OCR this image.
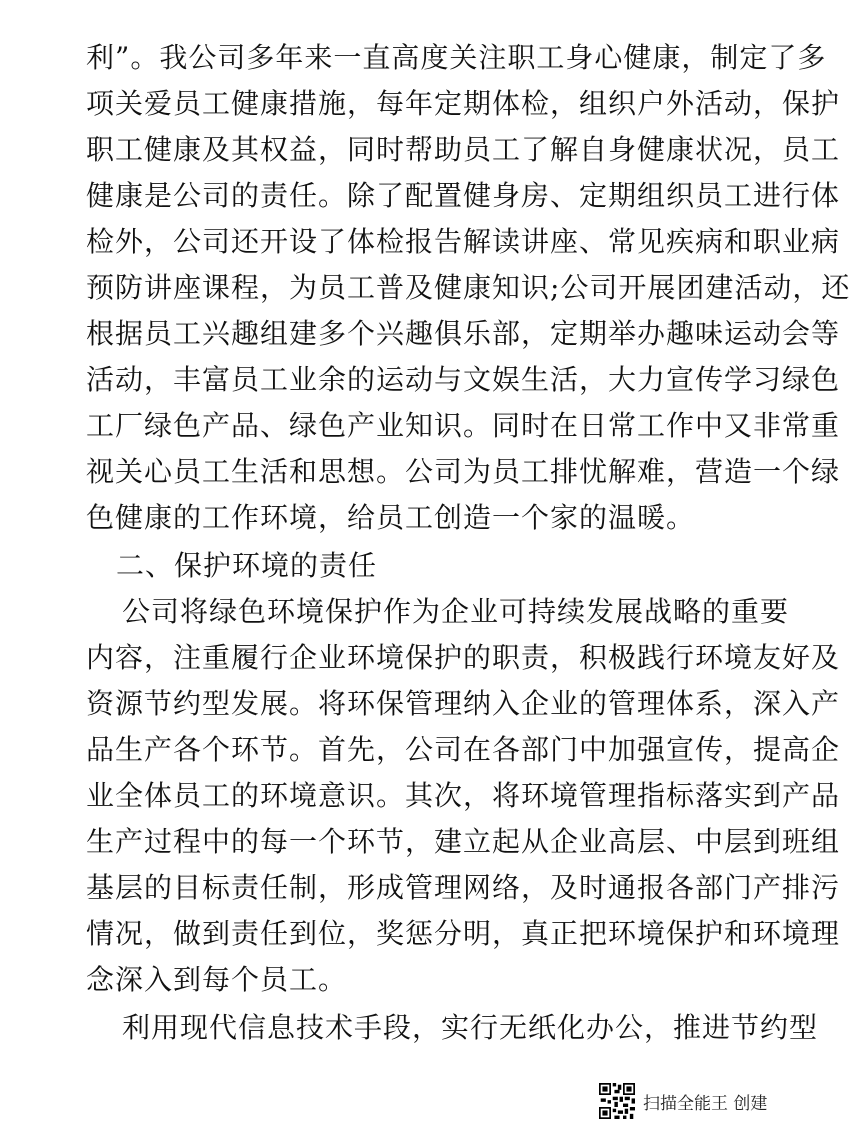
利”。我公司多年来一直高度关注职工身心健康，制定了多
项关爱员工健康措施，每年定期体检，组织户外活动，保护
职工健康及其权益，同时帮助员工了解自身健康状况，员工
健康是公司的责任。除了配置健身房、定期组织员工进行体
检外，公司还开设了体检报告解读讲座、常见疾病和职业病
预防讲座课程，为员工普及健康知识;公司开展团建活动，还
根据员工兴趣组建多个兴趣俱乐部，定期举办趣味运动会等
活动，丰富员工业余的运动与文娱生活，大力宣传学习绿色
工厂绿色产品、绿色产业知识。同时在日常工作中又非常重
视关心员工生活和思想。公司为员工排忧解难，营造一个绿
色健康的工作环境，给员工创造一个家的温暖。
二、保护环境的责任
公司将绿色环境保护作为企业可持续发展战略的重要
内容，注重履行企业环境保护的职责，积极践行环境友好及
资源节约型发展。将环保管理纳入企业的管理体系，深入产
品生产各个环节。首先，公司在各部门中加强宣传，提高企
业全体员工的环境意识。其次，将环境管理指标落实到产品
生产过程中的每一个环节，建立起从企业高层、中层到班组
基层的目标责任制，形成管理网络，及时通报各部门产排污
情况，做到责任到位，奖惩分明，真正把环境保护和环境理
念深入到每个员工。
利用现代信息技术手段，实行无纸化办公，推进节约型
扫描全能王 创建
